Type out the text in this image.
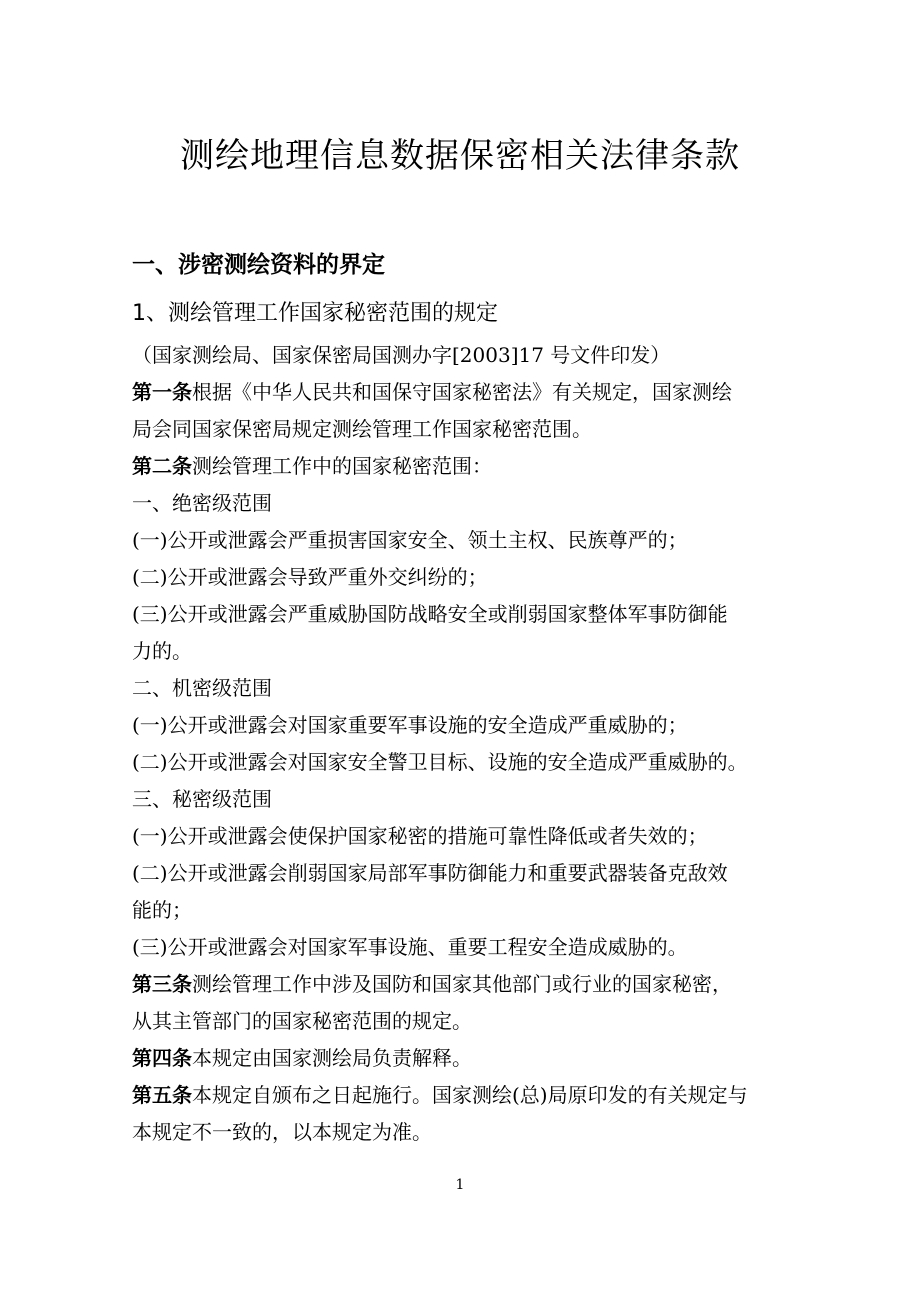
测绘地理信息数据保密相关法律条款
一、涉密测绘资料的界定
1、测绘管理工作国家秘密范围的规定
（国家测绘局、国家保密局国测办字[2003]17 号文件印发）
第一条根据《中华人民共和国保守国家秘密法》有关规定，国家测绘
局会同国家保密局规定测绘管理工作国家秘密范围。
第二条测绘管理工作中的国家秘密范围：
一、绝密级范围
(一)公开或泄露会严重损害国家安全、领土主权、民族尊严的；
(二)公开或泄露会导致严重外交纠纷的；
(三)公开或泄露会严重威胁国防战略安全或削弱国家整体军事防御能
力的。
二、机密级范围
(一)公开或泄露会对国家重要军事设施的安全造成严重威胁的；
(二)公开或泄露会对国家安全警卫目标、设施的安全造成严重威胁的。
三、秘密级范围
(一)公开或泄露会使保护国家秘密的措施可靠性降低或者失效的；
(二)公开或泄露会削弱国家局部军事防御能力和重要武器装备克敌效
能的；
(三)公开或泄露会对国家军事设施、重要工程安全造成威胁的。
第三条测绘管理工作中涉及国防和国家其他部门或行业的国家秘密，
从其主管部门的国家秘密范围的规定。
第四条本规定由国家测绘局负责解释。
第五条本规定自颁布之日起施行。国家测绘(总)局原印发的有关规定与
本规定不一致的，以本规定为准。
1
